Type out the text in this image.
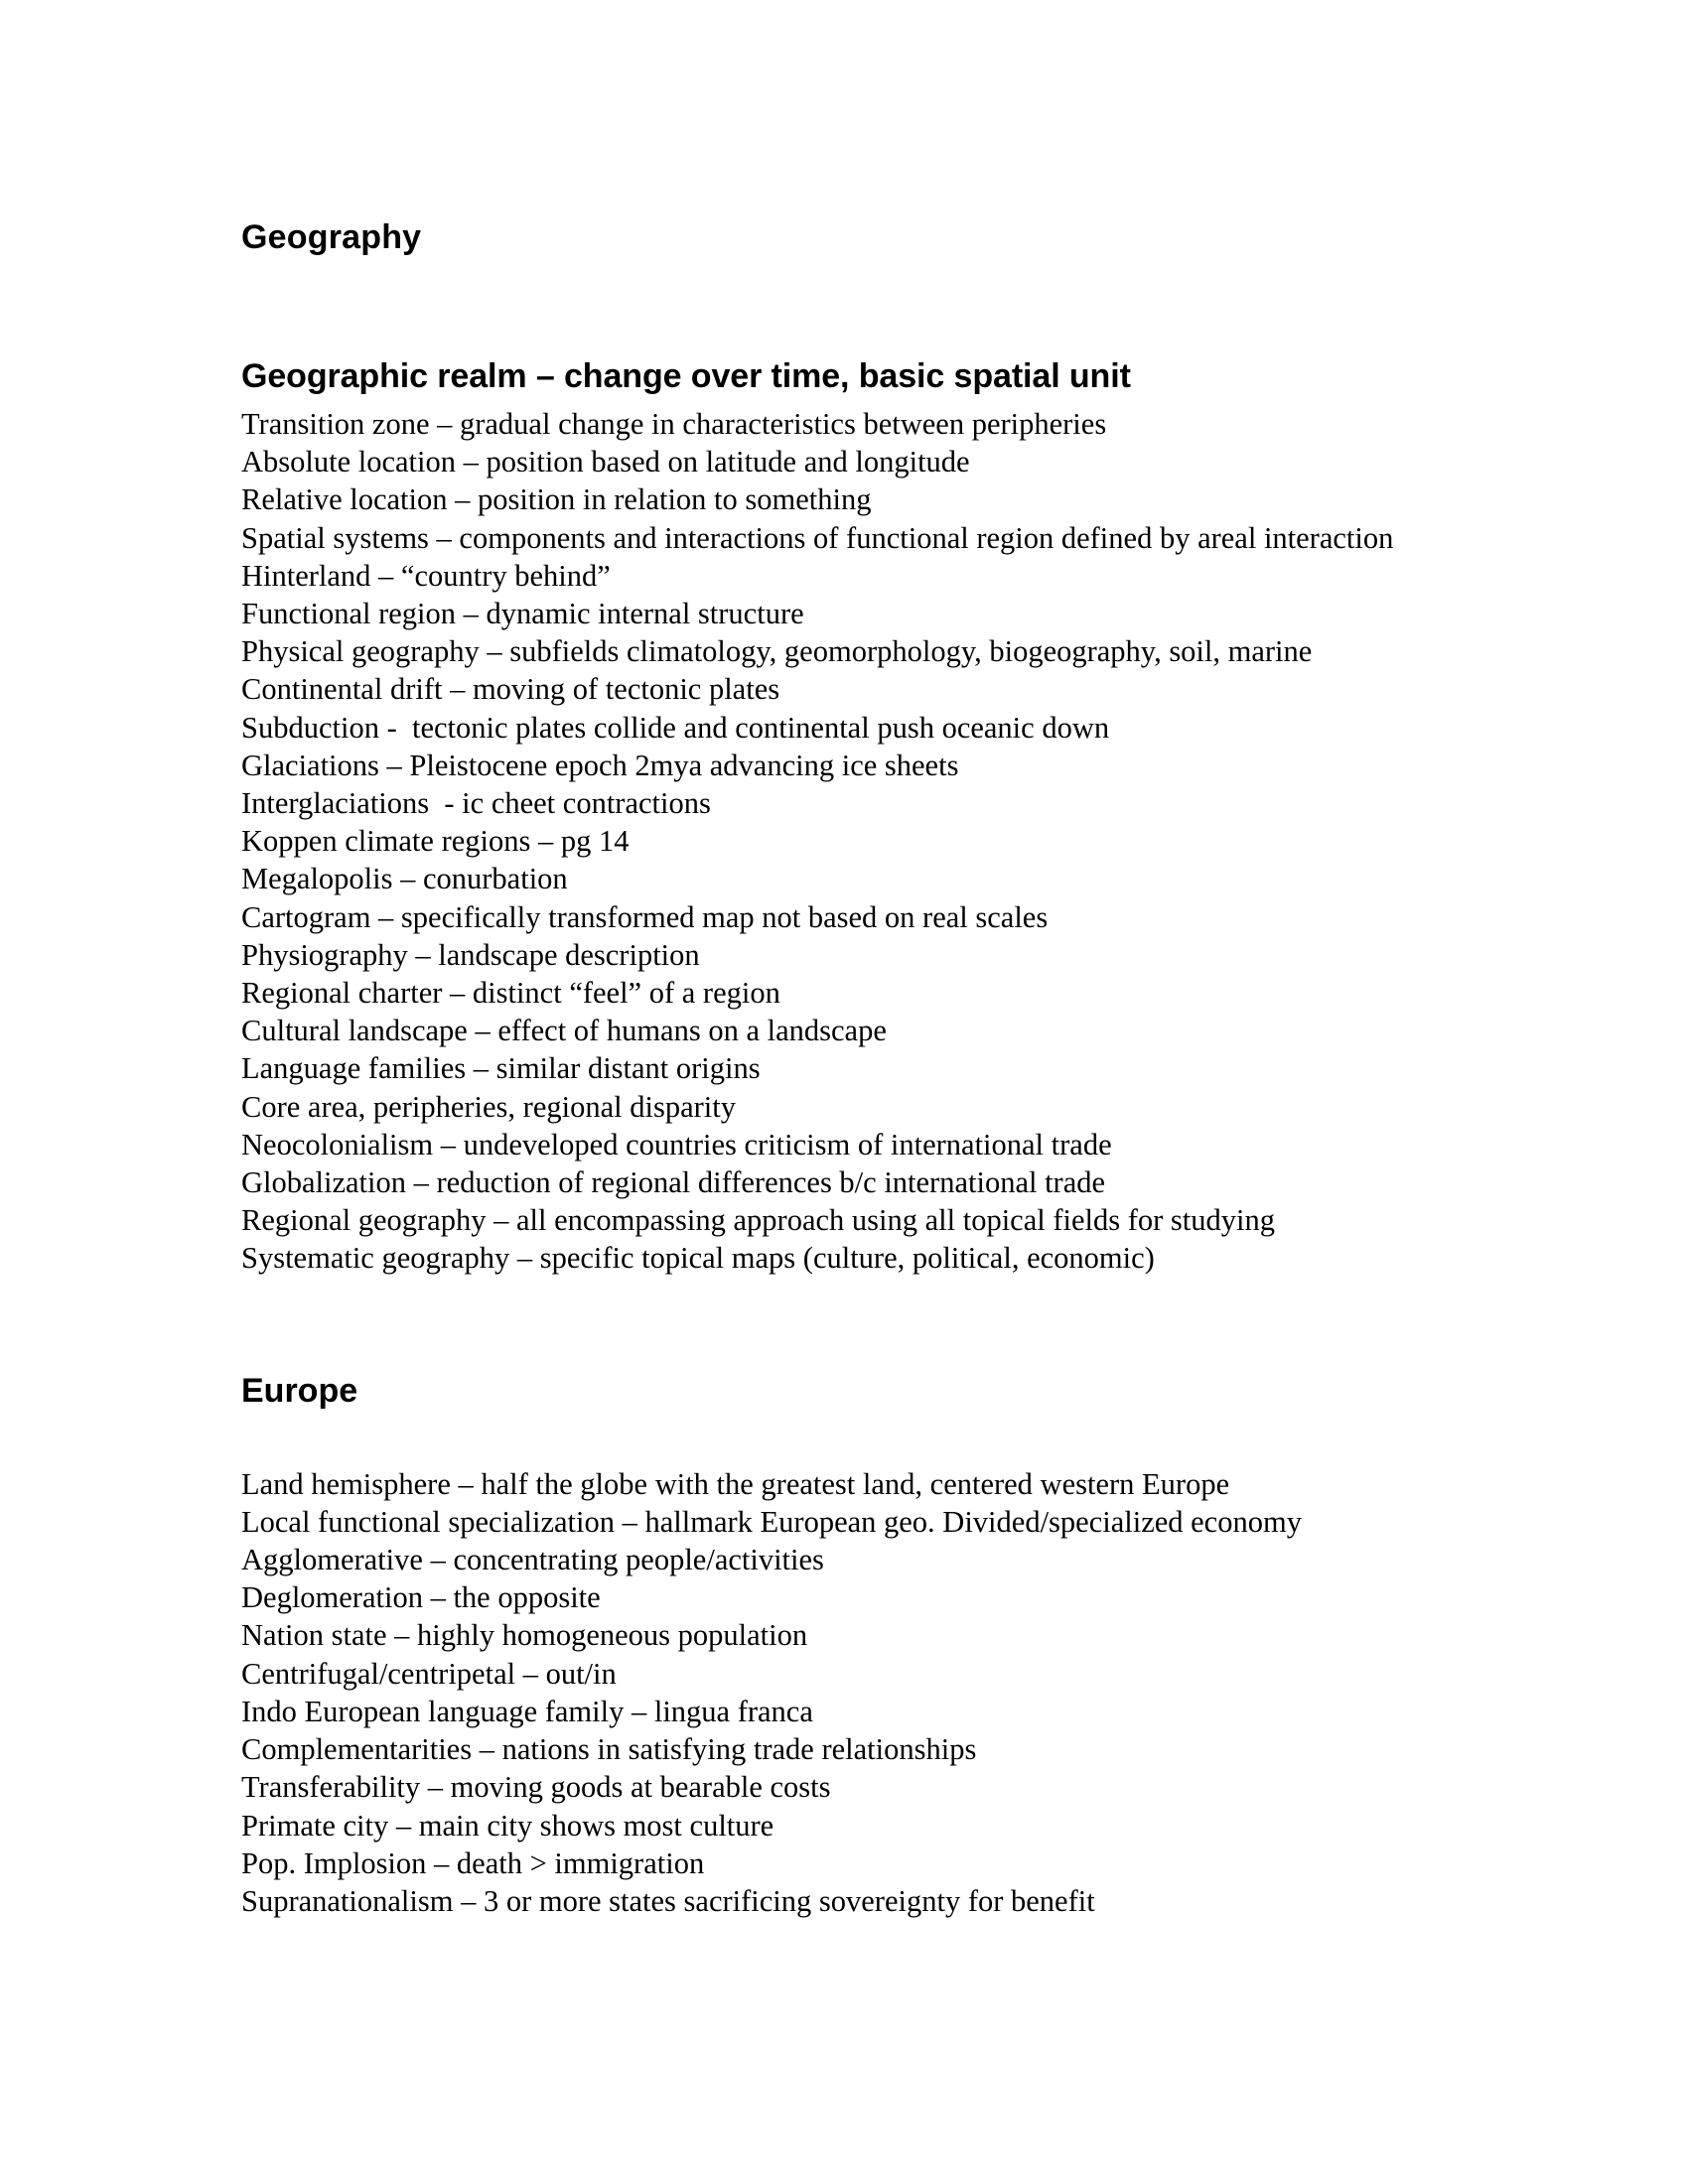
Geography
Geographic realm – change over time, basic spatial unit
Transition zone – gradual change in characteristics between peripheries
Absolute location – position based on latitude and longitude
Relative location – position in relation to something
Spatial systems – components and interactions of functional region defined by areal interaction
Hinterland – “country behind”
Functional region – dynamic internal structure
Physical geography – subfields climatology, geomorphology, biogeography, soil, marine
Continental drift – moving of tectonic plates
Subduction -  tectonic plates collide and continental push oceanic down
Glaciations – Pleistocene epoch 2mya advancing ice sheets
Interglaciations  - ic cheet contractions
Koppen climate regions – pg 14
Megalopolis – conurbation
Cartogram – specifically transformed map not based on real scales
Physiography – landscape description
Regional charter – distinct “feel” of a region
Cultural landscape – effect of humans on a landscape
Language families – similar distant origins
Core area, peripheries, regional disparity
Neocolonialism – undeveloped countries criticism of international trade
Globalization – reduction of regional differences b/c international trade
Regional geography – all encompassing approach using all topical fields for studying
Systematic geography – specific topical maps (culture, political, economic)
Europe
Land hemisphere – half the globe with the greatest land, centered western Europe
Local functional specialization – hallmark European geo. Divided/specialized economy
Agglomerative – concentrating people/activities
Deglomeration – the opposite
Nation state – highly homogeneous population
Centrifugal/centripetal – out/in
Indo European language family – lingua franca
Complementarities – nations in satisfying trade relationships
Transferability – moving goods at bearable costs
Primate city – main city shows most culture
Pop. Implosion – death > immigration
Supranationalism – 3 or more states sacrificing sovereignty for benefit
